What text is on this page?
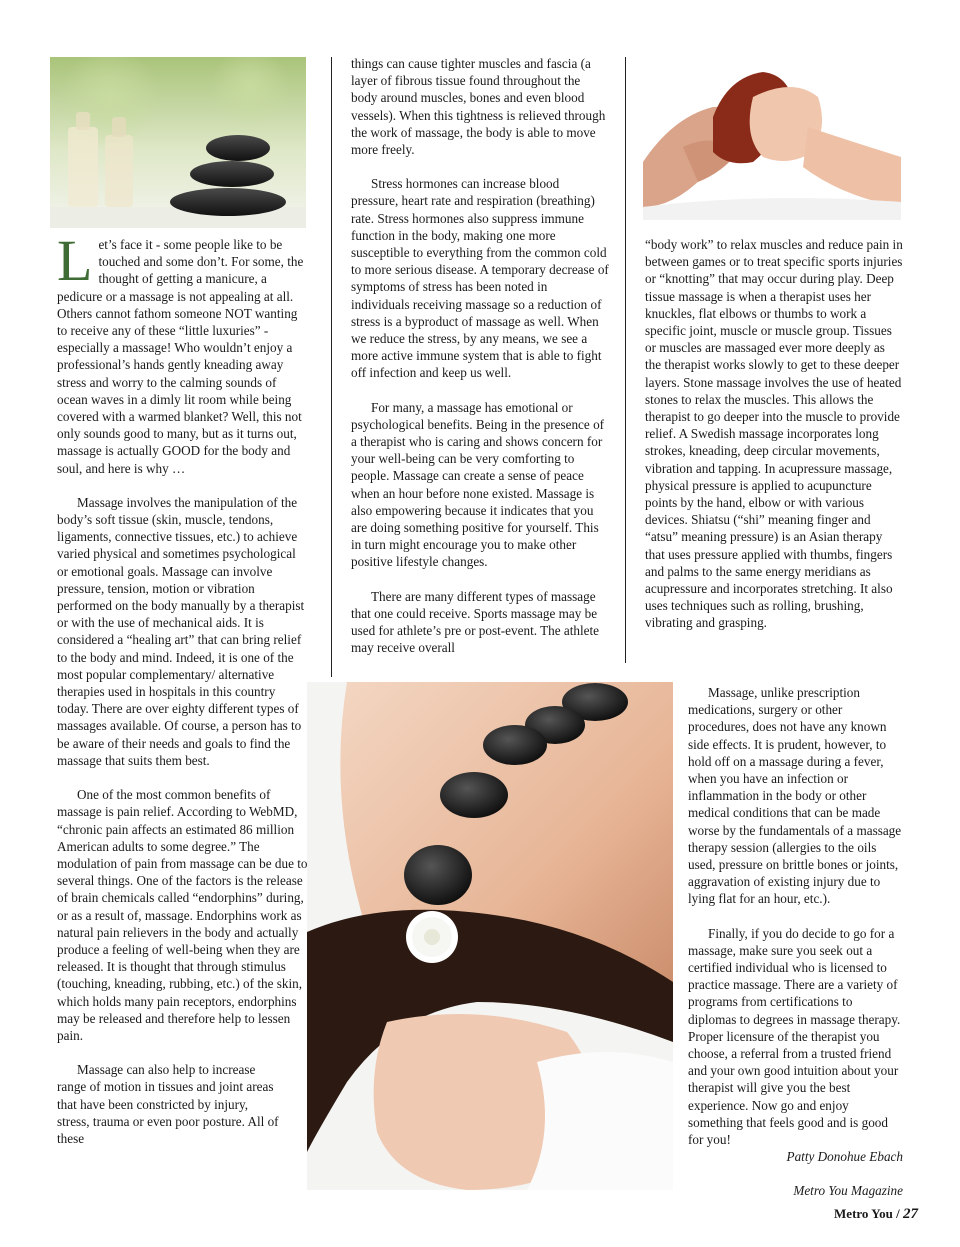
Let’s face it - some people like to be touched and some don’t. For some, the thought of getting a manicure, a pedicure or a massage is not appealing at all. Others cannot fathom someone NOT wanting to receive any of these “little luxuries” - especially a massage! Who wouldn’t enjoy a professional’s hands gently kneading away stress and worry to the calming sounds of ocean waves in a dimly lit room while being covered with a warmed blanket? Well, this not only sounds good to many, but as it turns out, massage is actually GOOD for the body and soul, and here is why …

Massage involves the manipulation of the body’s soft tissue (skin, muscle, tendons, ligaments, connective tissues, etc.) to achieve varied physical and sometimes psychological or emotional goals. Massage can involve pressure, tension, motion or vibration performed on the body manually by a therapist or with the use of mechanical aids. It is considered a “healing art” that can bring relief to the body and mind. Indeed, it is one of the most popular complementary/ alternative therapies used in hospitals in this country today. There are over eighty different types of massages available. Of course, a person has to be aware of their needs and goals to find the massage that suits them best.

One of the most common benefits of massage is pain relief. According to WebMD, “chronic pain affects an estimated 86 million American adults to some degree.” The modulation of pain from massage can be due to several things. One of the factors is the release of brain chemicals called “endorphins” during, or as a result of, massage. Endorphins work as natural pain relievers in the body and actually produce a feeling of well-being when they are released. It is thought that through stimulus (touching, kneading, rubbing, etc.) of the skin, which holds many pain receptors, endorphins may be released and therefore help to lessen pain.

Massage can also help to increase range of motion in tissues and joint areas that have been constricted by injury, stress, trauma or even poor posture. All of these

things can cause tighter muscles and fascia (a layer of fibrous tissue found throughout the body around muscles, bones and even blood vessels). When this tightness is relieved through the work of massage, the body is able to move more freely.

Stress hormones can increase blood pressure, heart rate and respiration (breathing) rate. Stress hormones also suppress immune function in the body, making one more susceptible to everything from the common cold to more serious disease. A temporary decrease of symptoms of stress has been noted in individuals receiving massage so a reduction of stress is a byproduct of massage as well. When we reduce the stress, by any means, we see a more active immune system that is able to fight off infection and keep us well.

For many, a massage has emotional or psychological benefits. Being in the presence of a therapist who is caring and shows concern for your well-being can be very comforting to people. Massage can create a sense of peace when an hour before none existed. Massage is also empowering because it indicates that you are doing something positive for yourself. This in turn might encourage you to make other positive lifestyle changes.

There are many different types of massage that one could receive. Sports massage may be used for athlete’s pre or post-event. The athlete may receive overall

“body work” to relax muscles and reduce pain in between games or to treat specific sports injuries or “knotting” that may occur during play. Deep tissue massage is when a therapist uses her knuckles, flat elbows or thumbs to work a specific joint, muscle or muscle group. Tissues or muscles are massaged ever more deeply as the therapist works slowly to get to these deeper layers. Stone massage involves the use of heated stones to relax the muscles. This allows the therapist to go deeper into the muscle to provide relief. A Swedish massage incorporates long strokes, kneading, deep circular movements, vibration and tapping. In acupressure massage, physical pressure is applied to acupuncture points by the hand, elbow or with various devices. Shiatsu (“shi” meaning finger and “atsu” meaning pressure) is an Asian therapy that uses pressure applied with thumbs, fingers and palms to the same energy meridians as acupressure and incorporates stretching. It also uses techniques such as rolling, brushing, vibrating and grasping.

Massage, unlike prescription medications, surgery or other procedures, does not have any known side effects. It is prudent, however, to hold off on a massage during a fever, when you have an infection or inflammation in the body or other medical conditions that can be made worse by the fundamentals of a massage therapy session (allergies to the oils used, pressure on brittle bones or joints, aggravation of existing injury due to lying flat for an hour, etc.).

Finally, if you do decide to go for a massage, make sure you seek out a certified individual who is licensed to practice massage. There are a variety of programs from certifications to diplomas to degrees in massage therapy. Proper licensure of the therapist you choose, a referral from a trusted friend and your own good intuition about your therapist will give you the best experience. Now go and enjoy something that feels good and is good for you!

Patty Donohue Ebach

Metro You Magazine

Metro You / 27
